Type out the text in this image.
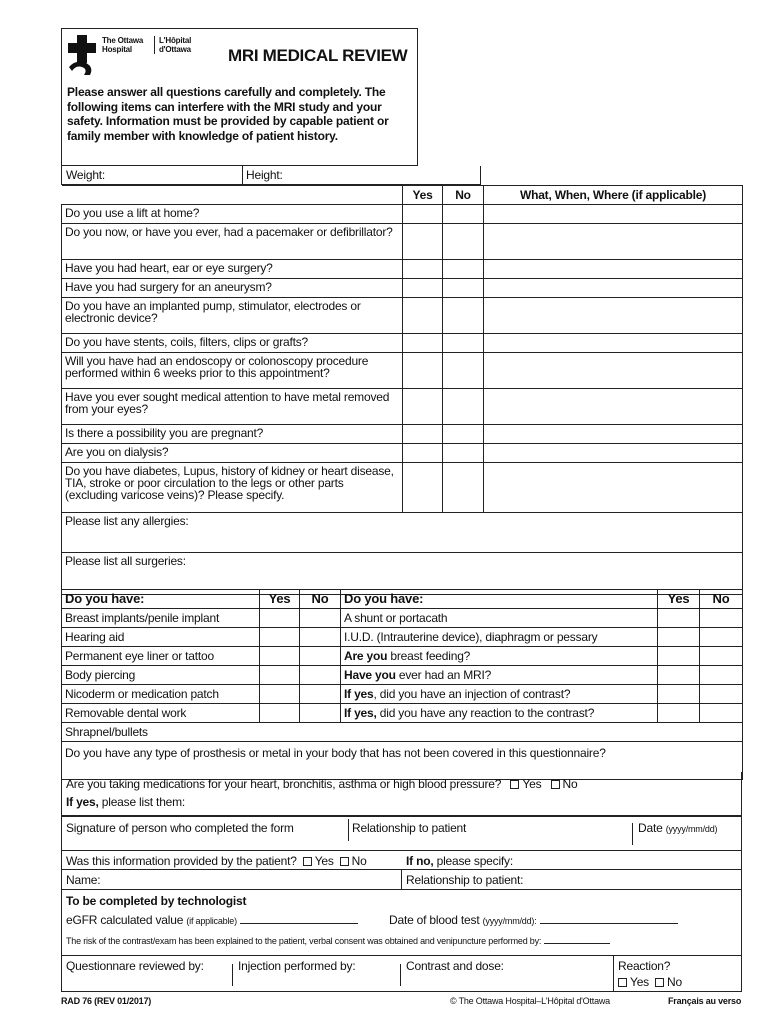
The Ottawa
Hospital
L'Hôpital
d'Ottawa MRI MEDICAL REVIEW
Please answer all questions carefully and completely. The following items can interfere with the MRI study and your safety. Information must be provided by capable patient or family member with knowledge of patient history.
Weight:	Height:
	Yes	No	What, When, Where (if applicable)
Do you use a lift at home?			
Do you now, or have you ever, had a pacemaker or defibrillator?			
Have you had heart, ear or eye surgery?			
Have you had surgery for an aneurysm?			
Do you have an implanted pump, stimulator, electrodes or electronic device?			
Do you have stents, coils, filters, clips or grafts?			
Will you have had an endoscopy or colonoscopy procedure performed within 6 weeks prior to this appointment?			
Have you ever sought medical attention to have metal removed from your eyes?			
Is there a possibility you are pregnant?			
Are you on dialysis?			
Do you have diabetes, Lupus, history of kidney or heart disease, TIA, stroke or poor circulation to the legs or other parts (excluding varicose veins)? Please specify.			
Please list any allergies:			
Please list all surgeries:			
Do you have:	Yes	No	Do you have:	Yes	No
Breast implants/penile implant			A shunt or portacath		
Hearing aid			I.U.D. (Intrauterine device), diaphragm or pessary		
Permanent eye liner or tattoo			Are you breast feeding?		
Body piercing			Have you ever had an MRI?		
Nicoderm or medication patch			If yes, did you have an injection of contrast?		
Removable dental work			If yes, did you have any reaction to the contrast?		
Shrapnel/bullets					
Do you have any type of prosthesis or metal in your body that has not been covered in this questionnaire?					
Are you taking medications for your heart, bronchitis, asthma or high blood pressure? Yes No
If yes, please list them:
Signature of person who completed the form	Relationship to patient	Date (yyyy/mm/dd)
Was this information provided by the patient? Yes No	If no, please specify:
Name:	Relationship to patient:
To be completed by technologist
eGFR calculated value (if applicable)	Date of blood test (yyyy/mm/dd):
The risk of the contrast/exam has been explained to the patient, verbal consent was obtained and venipuncture performed by:
Questionnare reviewed by:	Injection performed by:	Contrast and dose:	Reaction?
Yes No
RAD 76 (REV 01/2017)	© The Ottawa Hospital–L'Hôpital d'Ottawa	Français au verso
